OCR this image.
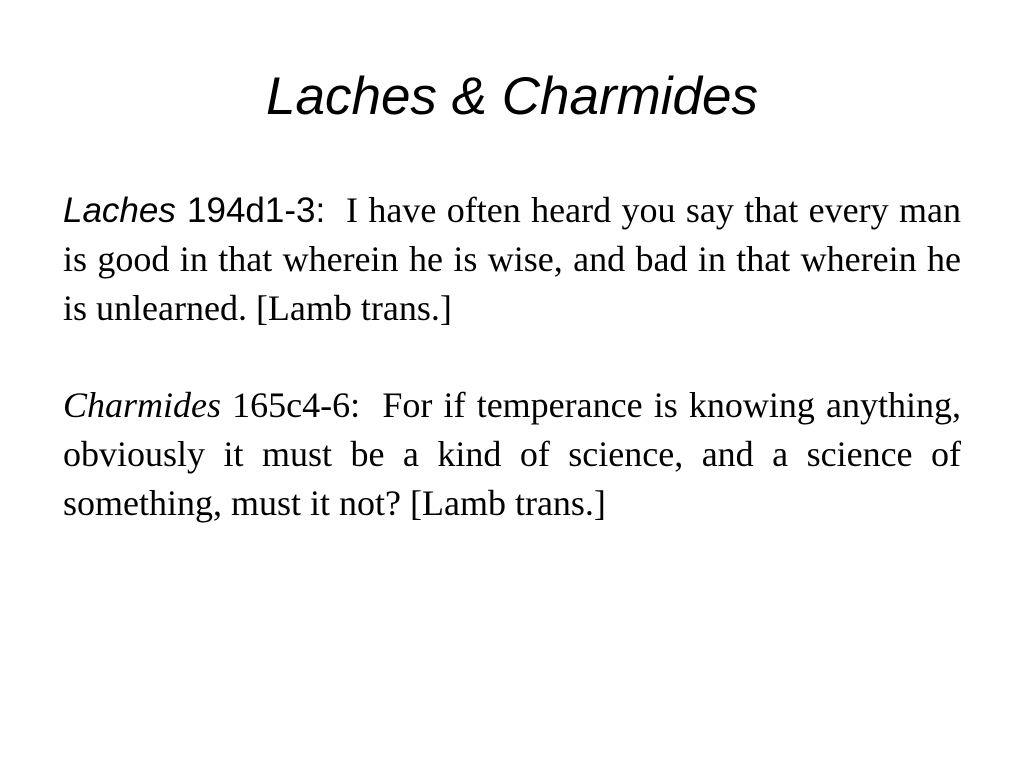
Laches & Charmides

Laches 194d1-3: I have often heard you say that every man is good in that wherein he is wise, and bad in that wherein he is unlearned. [Lamb trans.]

Charmides 165c4-6: For if temperance is knowing anything, obviously it must be a kind of science, and a science of something, must it not? [Lamb trans.]
